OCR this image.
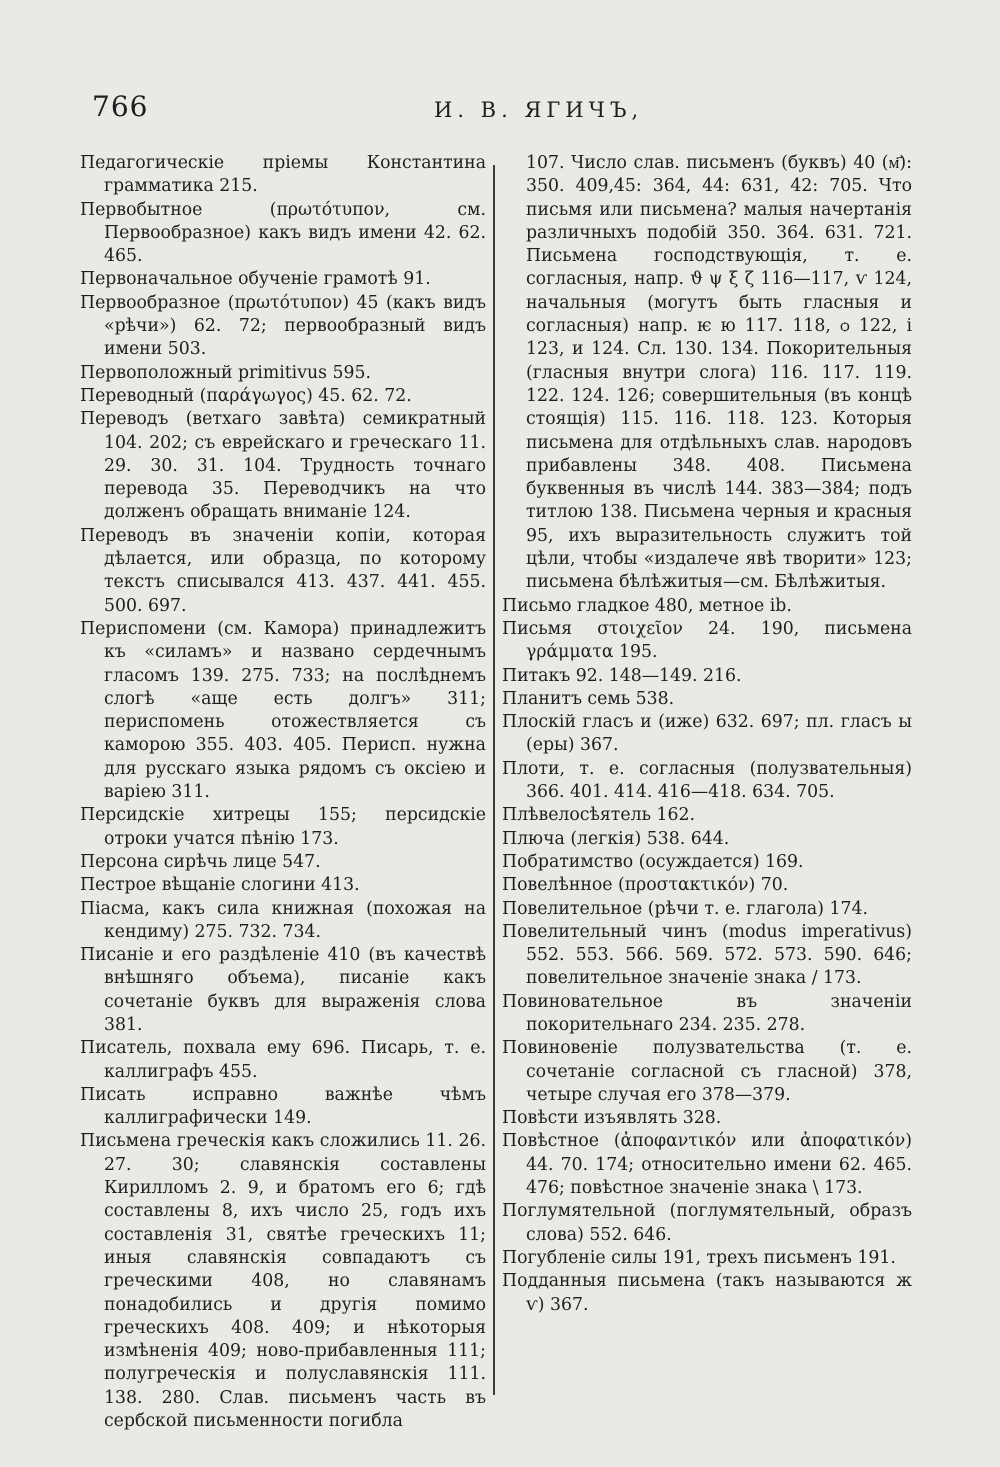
766	И. В. ЯГИЧЪ,

Педагогическіе пріемы Константина грамматика 215.

Первобытное (πρωτότυπον, см. Первообразное) какъ видъ имени 42. 62. 465.

Первоначальное обученіе грамотѣ 91.

Первообразное (πρωτότυπον) 45 (какъ видъ «рѣчи») 62. 72; первообразный видъ имени 503.

Первоположный primitivus 595.

Переводный (παράγωγος) 45. 62. 72.

Переводъ (ветхаго завѣта) семикратный 104. 202; съ еврейскаго и греческаго 11. 29. 30. 31. 104. Трудность точнаго перевода 35. Переводчикъ на что долженъ обращать вниманіе 124.

Переводъ въ значеніи копіи, которая дѣлается, или образца, по которому текстъ списывался 413. 437. 441. 455. 500. 697.

Периспомени (см. Камора) принадлежитъ къ «силамъ» и названо сердечнымъ гласомъ 139. 275. 733; на послѣднемъ слогѣ «аще есть долгъ» 311; периспомень отожествляется съ каморою 355. 403. 405. Перисп. нужна для русскаго языка рядомъ съ оксіею и варіею 311.

Персидскіе хитрецы 155; персидскіе отроки учатся пѣнію 173.

Персона сирѣчь лице 547.

Пестрое вѣщаніе слогини 413.

Піасма, какъ сила книжная (похожая на кендиму) 275. 732. 734.

Писаніе и его раздѣленіе 410 (въ качествѣ внѣшняго объема), писаніе какъ сочетаніе буквъ для выраженія слова 381.

Писатель, похвала ему 696. Писарь, т. е. каллиграфъ 455.

Писать исправно важнѣе чѣмъ каллиграфически 149.

Письмена греческія какъ сложились 11. 26. 27. 30; славянскія составлены Кирилломъ 2. 9, и братомъ его 6; гдѣ составлены 8, ихъ число 25, годъ ихъ составленія 31, святѣе греческихъ 11; иныя славянскія совпадаютъ съ греческими 408, но славянамъ понадобились и другія помимо греческихъ 408. 409; и нѣкоторыя измѣненія 409; ново-прибавленныя 111; полугреческія и полуславянскія 111. 138. 280. Слав. письменъ часть въ сербской письменности погибла

107. Число слав. письменъ (буквъ) 40 (м҃): 350. 409,45: 364, 44: 631, 42: 705. Что письмя или письмена? малыя начертанія различныхъ подобій 350. 364. 631. 721. Письмена господствующія, т. е. согласныя, напр. ϑ ψ ξ ζ 116—117, ѵ 124, начальныя (могутъ быть гласныя и согласныя) напр. ѥ ю 117. 118, ѻ 122, і 123, и 124. Сл. 130. 134. Покорительныя (гласныя внутри слога) 116. 117. 119. 122. 124. 126; совершительныя (въ концѣ стоящія) 115. 116. 118. 123. Которыя письмена для отдѣльныхъ слав. народовъ прибавлены 348. 408. Письмена буквенныя въ числѣ 144. 383—384; подъ титлою 138. Письмена черныя и красныя 95, ихъ выразительность служитъ той цѣли, чтобы «издалече явѣ творити» 123; письмена бѣлѣжитыя—см. Бѣлѣжитыя.

Письмо гладкое 480, метное ib.

Письмя στοιχεῖον 24. 190, письмена γράμματα 195.

Питакъ 92. 148—149. 216.

Планитъ семь 538.

Плоскій гласъ и (иже) 632. 697; пл. гласъ ы (еры) 367.

Плоти, т. е. согласныя (полузвательныя) 366. 401. 414. 416—418. 634. 705.

Плѣвелосѣятель 162.

Плюча (легкія) 538. 644.

Побратимство (осуждается) 169.

Повелѣнное (προστακτικόν) 70.

Повелительное (рѣчи т. е. глагола) 174.

Повелительный чинъ (modus imperativus) 552. 553. 566. 569. 572. 573. 590. 646; повелительное значеніе знака / 173.

Повиновательное въ значеніи покорительнаго 234. 235. 278.

Повиновеніе полузвательства (т. е. сочетаніе согласной съ гласной) 378, четыре случая его 378—379.

Повѣсти изъявлять 328.

Повѣстное (ἀποφαντικόν или ἀποφατικόν) 44. 70. 174; относительно имени 62. 465. 476; повѣстное значеніе знака \ 173.

Поглумятельной (поглумятельный, образъ слова) 552. 646.

Погубленіе силы 191, трехъ письменъ 191.

Подданныя письмена (такъ называются ж ѵ) 367.
